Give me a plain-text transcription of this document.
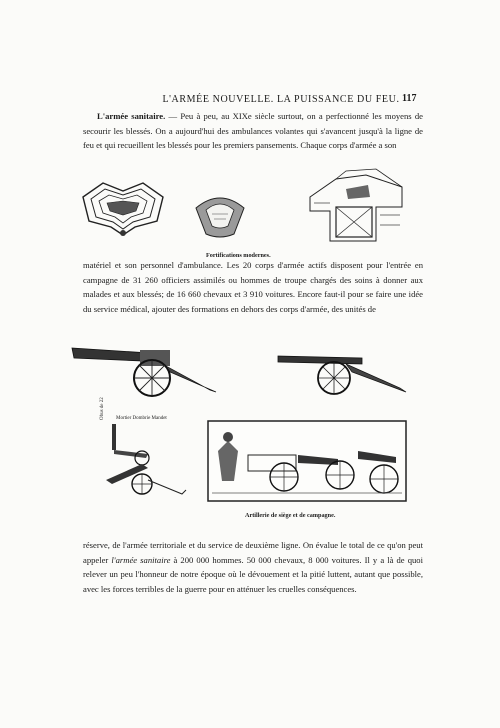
L'ARMÉE NOUVELLE. LA PUISSANCE DU FEU. 117

L'armée sanitaire. — Peu à peu, au XIXe siècle surtout, on a perfectionné les moyens de secourir les blessés. On a aujourd'hui des ambulances volantes qui s'avancent jusqu'à la ligne de feu et qui recueillent les blessés pour les premiers pansements. Chaque corps d'armée a son

Fortifications modernes.

matériel et son personnel d'ambulance. Les 20 corps d'armée actifs disposent pour l'entrée en campagne de 31 260 officiers assimilés ou hommes de troupe chargés des soins à donner aux malades et aux blessés; de 16 660 chevaux et 3 910 voitures. Encore faut-il pour se faire une idée du service médical, ajouter des formations en dehors des corps d'armée, des unités de

Obus de 22 Mortier Dombrie Mandet
Artillerie de siège et de campagne.

réserve, de l'armée territoriale et du service de deuxième ligne. On évalue le total de ce qu'on peut appeler l'armée sanitaire à 200 000 hommes. 50 000 chevaux, 8 000 voitures. Il y a là de quoi relever un peu l'honneur de notre époque où le dévouement et la pitié luttent, autant que possible, avec les forces terribles de la guerre pour en atténuer les cruelles conséquences.
